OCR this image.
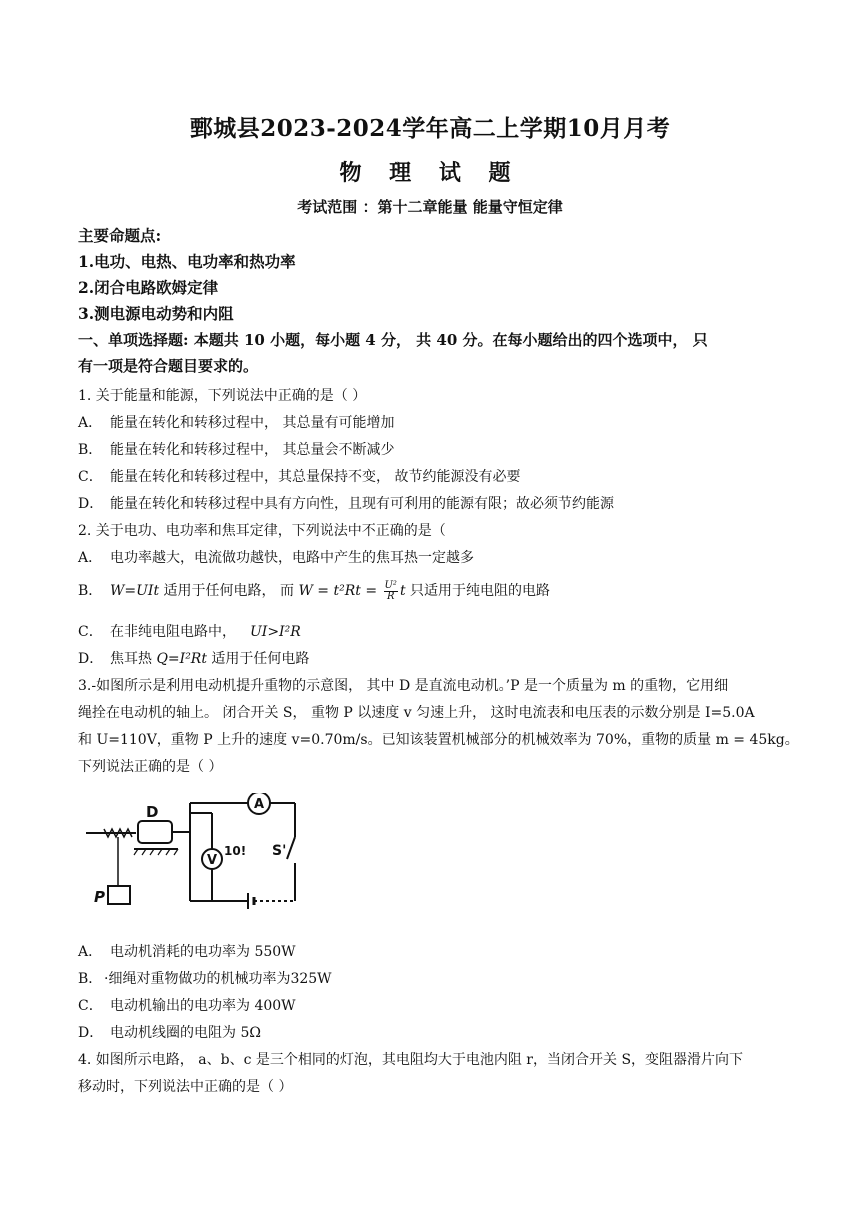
鄄城县2023-2024学年高二上学期10月月考
物 理 试 题
考试范围 ：第十二章能量 能量守恒定律
主要命题点:
1.电功、电热、电功率和热功率
2.闭合电路欧姆定律
3.测电源电动势和内阻
一、单项选择题: 本题共 10 小题，每小题 4 分， 共 40 分。在每小题给出的四个选项中， 只
有一项是符合题目要求的。
1. 关于能量和能源，下列说法中正确的是（ ）
A． 能量在转化和转移过程中， 其总量有可能增加
B． 能量在转化和转移过程中， 其总量会不断减少
C． 能量在转化和转移过程中，其总量保持不变， 故节约能源没有必要
D． 能量在转化和转移过程中具有方向性，且现有可利用的能源有限；故必须节约能源
2. 关于电功、电功率和焦耳定律，下列说法中不正确的是（
A． 电功率越大，电流做功越快，电路中产生的焦耳热一定越多
B． W=UIt 适用于任何电路， 而 $W = t^2Rt = \frac{\text{U²}}{R}$ t 只适用于纯电阻的电路
C． 在非纯电阻电路中， UI>I²R
D． 焦耳热 Q=I²Rt 适用于任何电路
3.-如图所示是利用电动机提升重物的示意图， 其中 D 是直流电动机。’P 是一个质量为 m 的重物，它用细
绳拴在电动机的轴上。 闭合开关 S， 重物 P 以速度 v 匀速上升， 这时电流表和电压表的示数分别是 I=5.0A
和 U=110V，重物 P 上升的速度 v=0.70m/s。已知该装置机械部分的机械效率为 70%，重物的质量 m = 45kg。
下列说法正确的是（ ）
D	A
V
10! S'
P
A． 电动机消耗的电功率为 550W
B． ·细绳对重物做功的机械功率为325W
C． 电动机输出的电功率为 400W
D． 电动机线圈的电阻为 5Ω
4. 如图所示电路， a、b、c 是三个相同的灯泡，其电阻均大于电池内阻 r，当闭合开关 S，变阻器滑片向下
移动时，下列说法中正确的是（ ）
